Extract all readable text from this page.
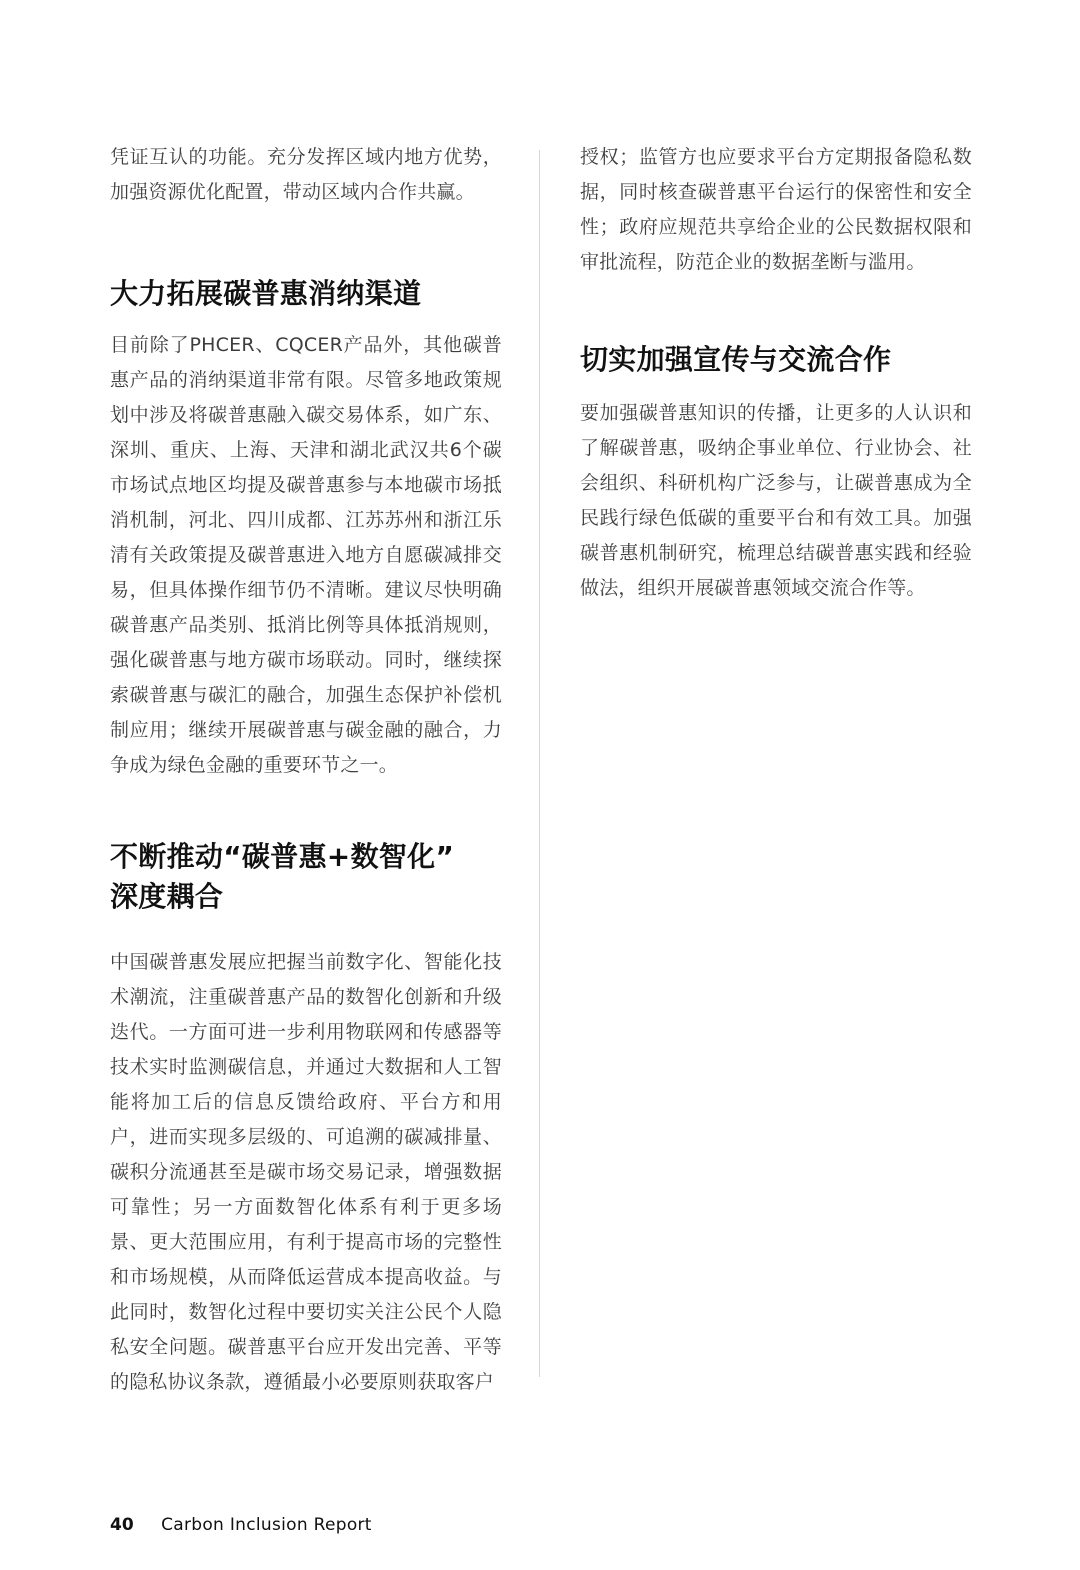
凭证互认的功能。充分发挥区域内地方优势，加强资源优化配置，带动区域内合作共赢。

大力拓展碳普惠消纳渠道

目前除了PHCER、CQCER产品外，其他碳普惠产品的消纳渠道非常有限。尽管多地政策规划中涉及将碳普惠融入碳交易体系，如广东、深圳、重庆、上海、天津和湖北武汉共6个碳市场试点地区均提及碳普惠参与本地碳市场抵消机制，河北、四川成都、江苏苏州和浙江乐清有关政策提及碳普惠进入地方自愿碳减排交易，但具体操作细节仍不清晰。建议尽快明确碳普惠产品类别、抵消比例等具体抵消规则，强化碳普惠与地方碳市场联动。同时，继续探索碳普惠与碳汇的融合，加强生态保护补偿机制应用；继续开展碳普惠与碳金融的融合，力争成为绿色金融的重要环节之一。

不断推动“碳普惠+数智化”
深度耦合

中国碳普惠发展应把握当前数字化、智能化技术潮流，注重碳普惠产品的数智化创新和升级迭代。一方面可进一步利用物联网和传感器等技术实时监测碳信息，并通过大数据和人工智能将加工后的信息反馈给政府、平台方和用户，进而实现多层级的、可追溯的碳减排量、碳积分流通甚至是碳市场交易记录，增强数据可靠性；另一方面数智化体系有利于更多场景、更大范围应用，有利于提高市场的完整性和市场规模，从而降低运营成本提高收益。与此同时，数智化过程中要切实关注公民个人隐私安全问题。碳普惠平台应开发出完善、平等的隐私协议条款，遵循最小必要原则获取客户

授权；监管方也应要求平台方定期报备隐私数据，同时核查碳普惠平台运行的保密性和安全性；政府应规范共享给企业的公民数据权限和审批流程，防范企业的数据垄断与滥用。

切实加强宣传与交流合作

要加强碳普惠知识的传播，让更多的人认识和了解碳普惠，吸纳企事业单位、行业协会、社会组织、科研机构广泛参与，让碳普惠成为全民践行绿色低碳的重要平台和有效工具。加强碳普惠机制研究，梳理总结碳普惠实践和经验做法，组织开展碳普惠领域交流合作等。

40 Carbon Inclusion Report
